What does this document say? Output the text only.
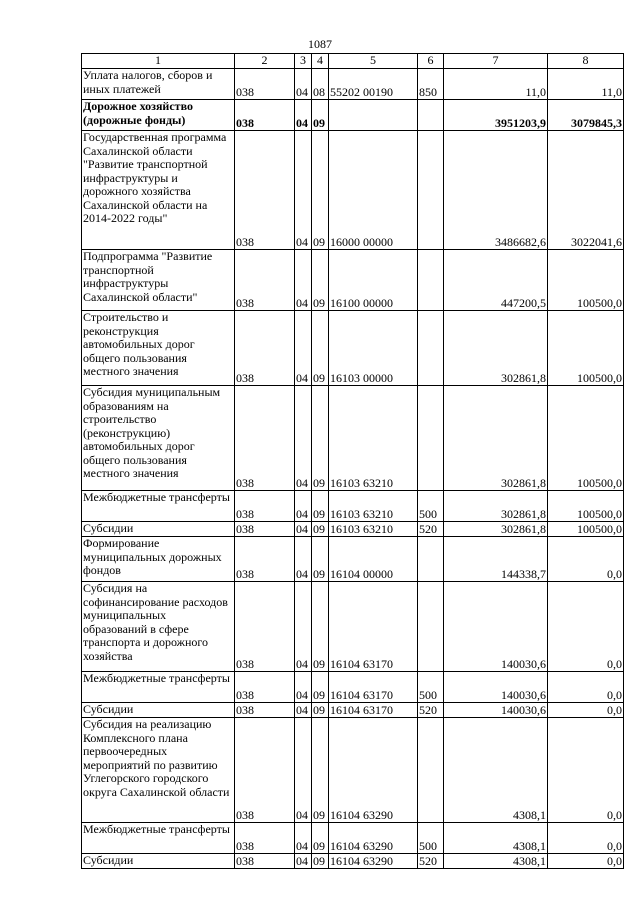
1087
1	2	3	4	5	6	7	8
Уплата налогов, сборов и иных платежей	038	04	08	55202 00190	850	11,0	11,0
Дорожное хозяйство (дорожные фонды)	038	04	09			3951203,9	3079845,3
Государственная программа Сахалинской области "Развитие транспортной инфраструктуры и дорожного хозяйства Сахалинской области на 2014-2022 годы"	038	04	09	16000 00000		3486682,6	3022041,6
Подпрограмма "Развитие транспортной инфраструктуры Сахалинской области"	038	04	09	16100 00000		447200,5	100500,0
Строительство и реконструкция автомобильных дорог общего пользования местного значения	038	04	09	16103 00000		302861,8	100500,0
Субсидия муниципальным образованиям на строительство (реконструкцию) автомобильных дорог общего пользования местного значения	038	04	09	16103 63210		302861,8	100500,0
Межбюджетные трансферты	038	04	09	16103 63210	500	302861,8	100500,0
Субсидии	038	04	09	16103 63210	520	302861,8	100500,0
Формирование муниципальных дорожных фондов	038	04	09	16104 00000		144338,7	0,0
Субсидия на софинансирование расходов муниципальных образований в сфере транспорта и дорожного хозяйства	038	04	09	16104 63170		140030,6	0,0
Межбюджетные трансферты	038	04	09	16104 63170	500	140030,6	0,0
Субсидии	038	04	09	16104 63170	520	140030,6	0,0
Субсидия на реализацию Комплексного плана первоочередных мероприятий по развитию Углегорского городского округа Сахалинской области	038	04	09	16104 63290		4308,1	0,0
Межбюджетные трансферты	038	04	09	16104 63290	500	4308,1	0,0
Субсидии	038	04	09	16104 63290	520	4308,1	0,0
